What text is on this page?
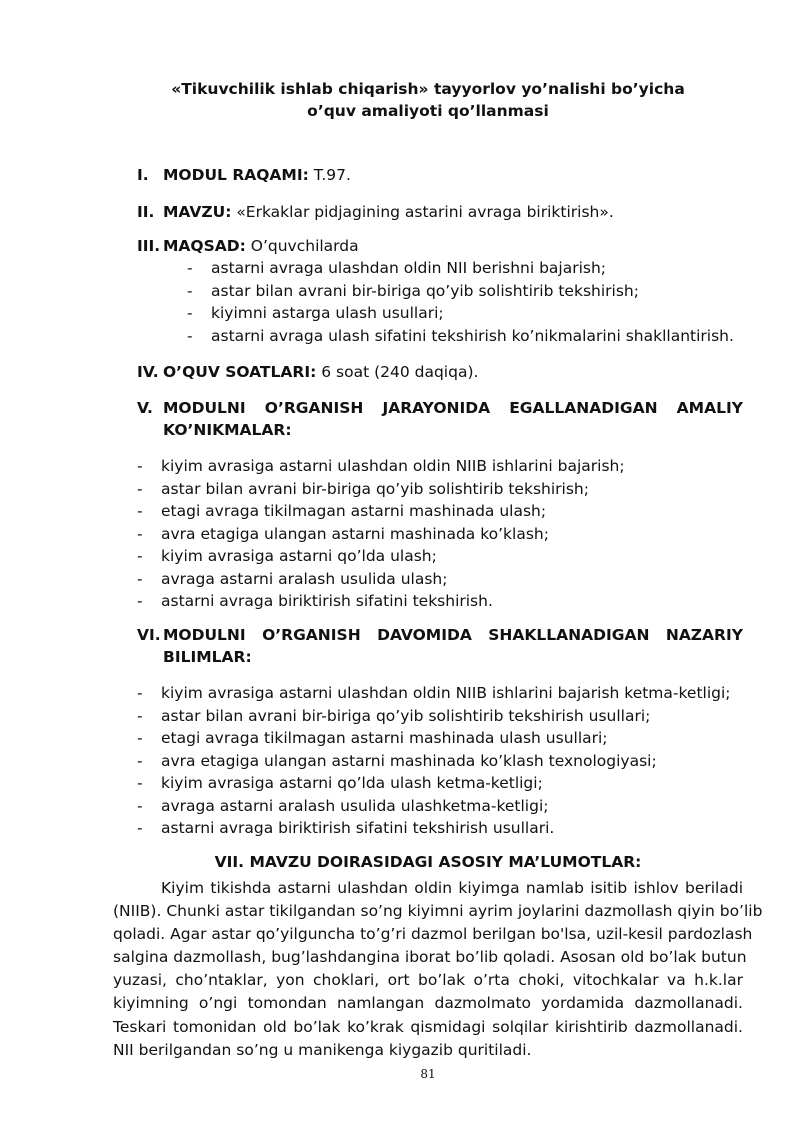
«Tikuvchilik ishlab chiqarish» tayyorlov yo’nalishi bo’yicha
o’quv amaliyoti qo’llanmasi
I. MODUL RAQAMI: T.97.
II. MAVZU: «Erkaklar pidjagining astarini avraga biriktirish».
III. MAQSAD: O’quvchilarda
- astarni avraga ulashdan oldin NII berishni bajarish;
- astar bilan avrani bir-biriga qo’yib solishtirib tekshirish;
- kiyimni astarga ulash usullari;
- astarni avraga ulash sifatini tekshirish ko’nikmalarini shakllantirish.
IV. O’QUV SOATLARI: 6 soat (240 daqiqa).
V. MODULNI O’RGANISH JARAYONIDA EGALLANADIGAN AMALIY
KO’NIKMALAR:
- kiyim avrasiga astarni ulashdan oldin NIIB ishlarini bajarish;
- astar bilan avrani bir-biriga qo’yib solishtirib tekshirish;
- etagi avraga tikilmagan astarni mashinada ulash;
- avra etagiga ulangan astarni mashinada ko’klash;
- kiyim avrasiga astarni qo’lda ulash;
- avraga astarni aralash usulida ulash;
- astarni avraga biriktirish sifatini tekshirish.
VI. MODULNI O’RGANISH DAVOMIDA SHAKLLANADIGAN NAZARIY
BILIMLAR:
- kiyim avrasiga astarni ulashdan oldin NIIB ishlarini bajarish ketma-ketligi;
- astar bilan avrani bir-biriga qo’yib solishtirib tekshirish usullari;
- etagi avraga tikilmagan astarni mashinada ulash usullari;
- avra etagiga ulangan astarni mashinada ko’klash texnologiyasi;
- kiyim avrasiga astarni qo’lda ulash ketma-ketligi;
- avraga astarni aralash usulida ulashketma-ketligi;
- astarni avraga biriktirish sifatini tekshirish usullari.
VII. MAVZU DOIRASIDAGI ASOSIY MA’LUMOTLAR:
Kiyim tikishda astarni ulashdan oldin kiyimga namlab isitib ishlov beriladi
(NIIB). Chunki astar tikilgandan so’ng kiyimni ayrim joylarini dazmollash qiyin bo’lib
qoladi. Agar astar qo’yilguncha to’g’ri dazmol berilgan bo'lsa, uzil-kesil pardozlash
salgina dazmollash, bug’lashdangina iborat bo’lib qoladi. Asosan old bo’lak butun
yuzasi, cho’ntaklar, yon choklari, ort bo’lak o’rta choki, vitochkalar va h.k.lar
kiyimning o’ngi tomondan namlangan dazmolmato yordamida dazmollanadi.
Teskari tomonidan old bo’lak ko’krak qismidagi solqilar kirishtirib dazmollanadi.
NII berilgandan so’ng u manikenga kiygazib quritiladi.
81
